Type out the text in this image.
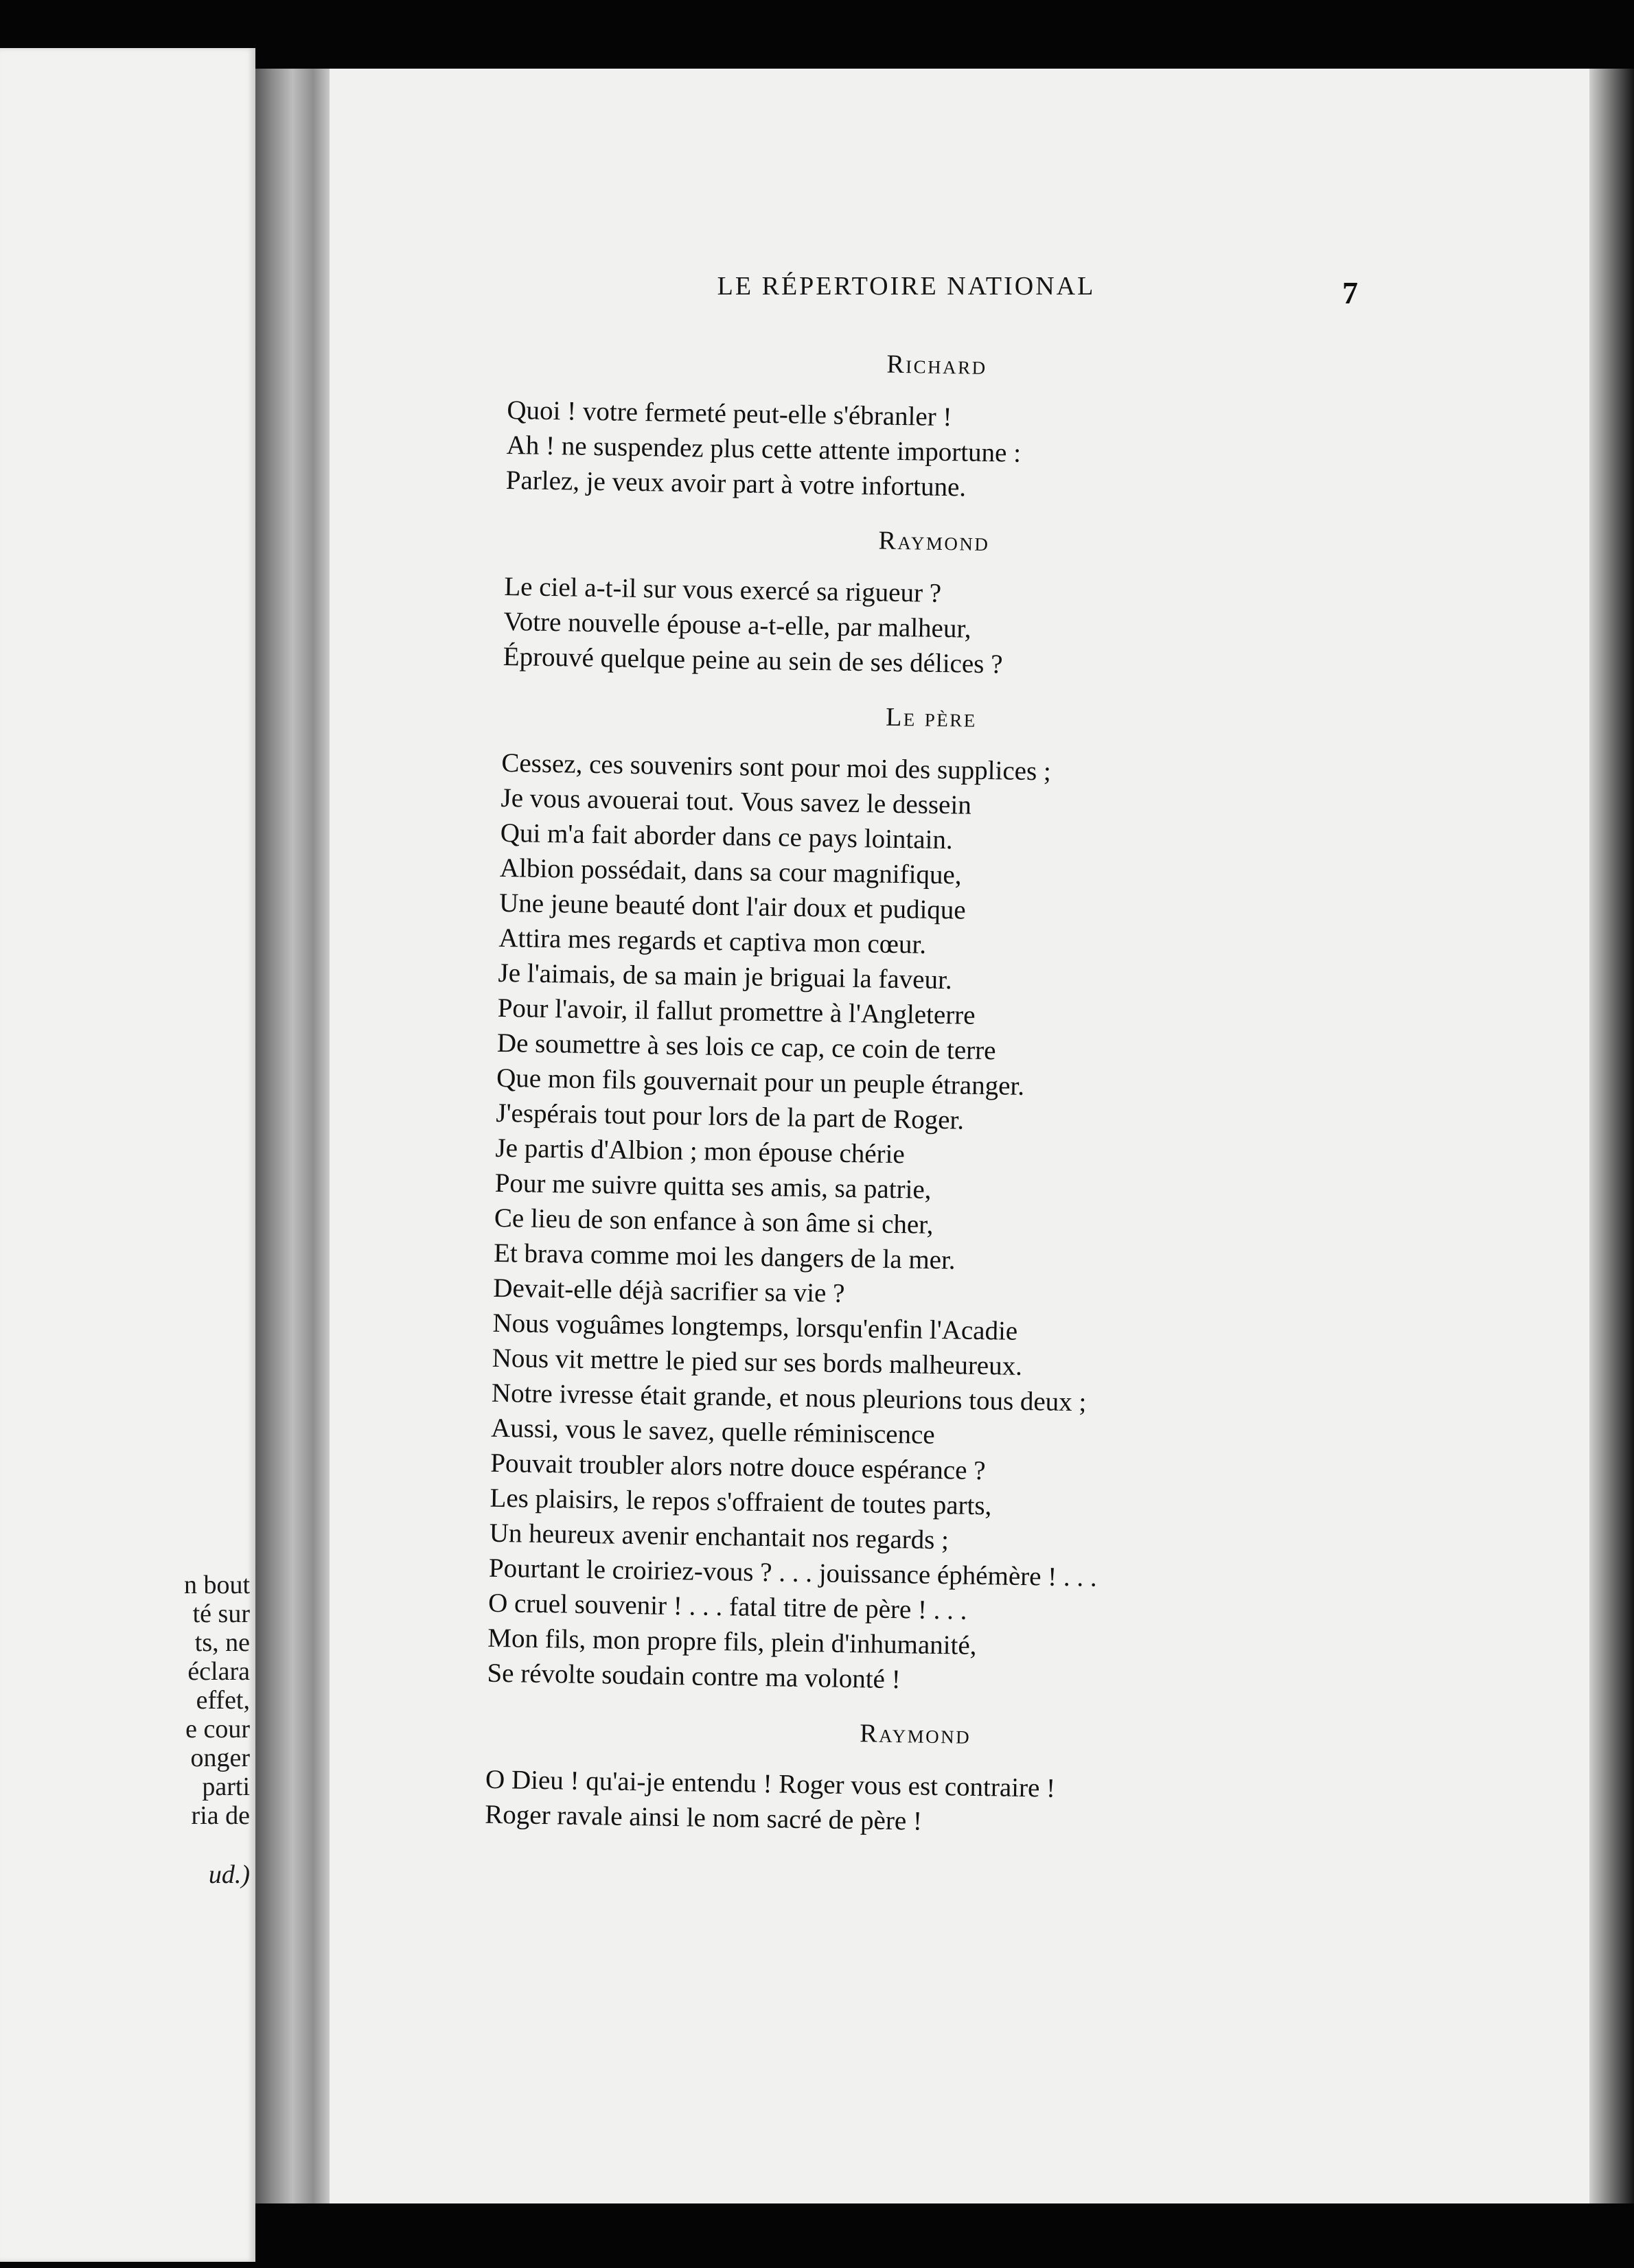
n bout
té sur
ts, ne
éclara
effet,
e cour
onger
parti
ria de
ud.)
LE RÉPERTOIRE NATIONAL	7
Richard
Quoi ! votre fermeté peut-elle s'ébranler !
Ah ! ne suspendez plus cette attente importune :
Parlez, je veux avoir part à votre infortune.
Raymond
Le ciel a-t-il sur vous exercé sa rigueur ?
Votre nouvelle épouse a-t-elle, par malheur,
Éprouvé quelque peine au sein de ses délices ?
Le père
Cessez, ces souvenirs sont pour moi des supplices ;
Je vous avouerai tout. Vous savez le dessein
Qui m'a fait aborder dans ce pays lointain.
Albion possédait, dans sa cour magnifique,
Une jeune beauté dont l'air doux et pudique
Attira mes regards et captiva mon cœur.
Je l'aimais, de sa main je briguai la faveur.
Pour l'avoir, il fallut promettre à l'Angleterre
De soumettre à ses lois ce cap, ce coin de terre
Que mon fils gouvernait pour un peuple étranger.
J'espérais tout pour lors de la part de Roger.
Je partis d'Albion ; mon épouse chérie
Pour me suivre quitta ses amis, sa patrie,
Ce lieu de son enfance à son âme si cher,
Et brava comme moi les dangers de la mer.
Devait-elle déjà sacrifier sa vie ?
Nous voguâmes longtemps, lorsqu'enfin l'Acadie
Nous vit mettre le pied sur ses bords malheureux.
Notre ivresse était grande, et nous pleurions tous deux ;
Aussi, vous le savez, quelle réminiscence
Pouvait troubler alors notre douce espérance ?
Les plaisirs, le repos s'offraient de toutes parts,
Un heureux avenir enchantait nos regards ;
Pourtant le croiriez-vous ? . . . jouissance éphémère ! . . .
O cruel souvenir ! . . . fatal titre de père ! . . .
Mon fils, mon propre fils, plein d'inhumanité,
Se révolte soudain contre ma volonté !
Raymond
O Dieu ! qu'ai-je entendu ! Roger vous est contraire !
Roger ravale ainsi le nom sacré de père !
